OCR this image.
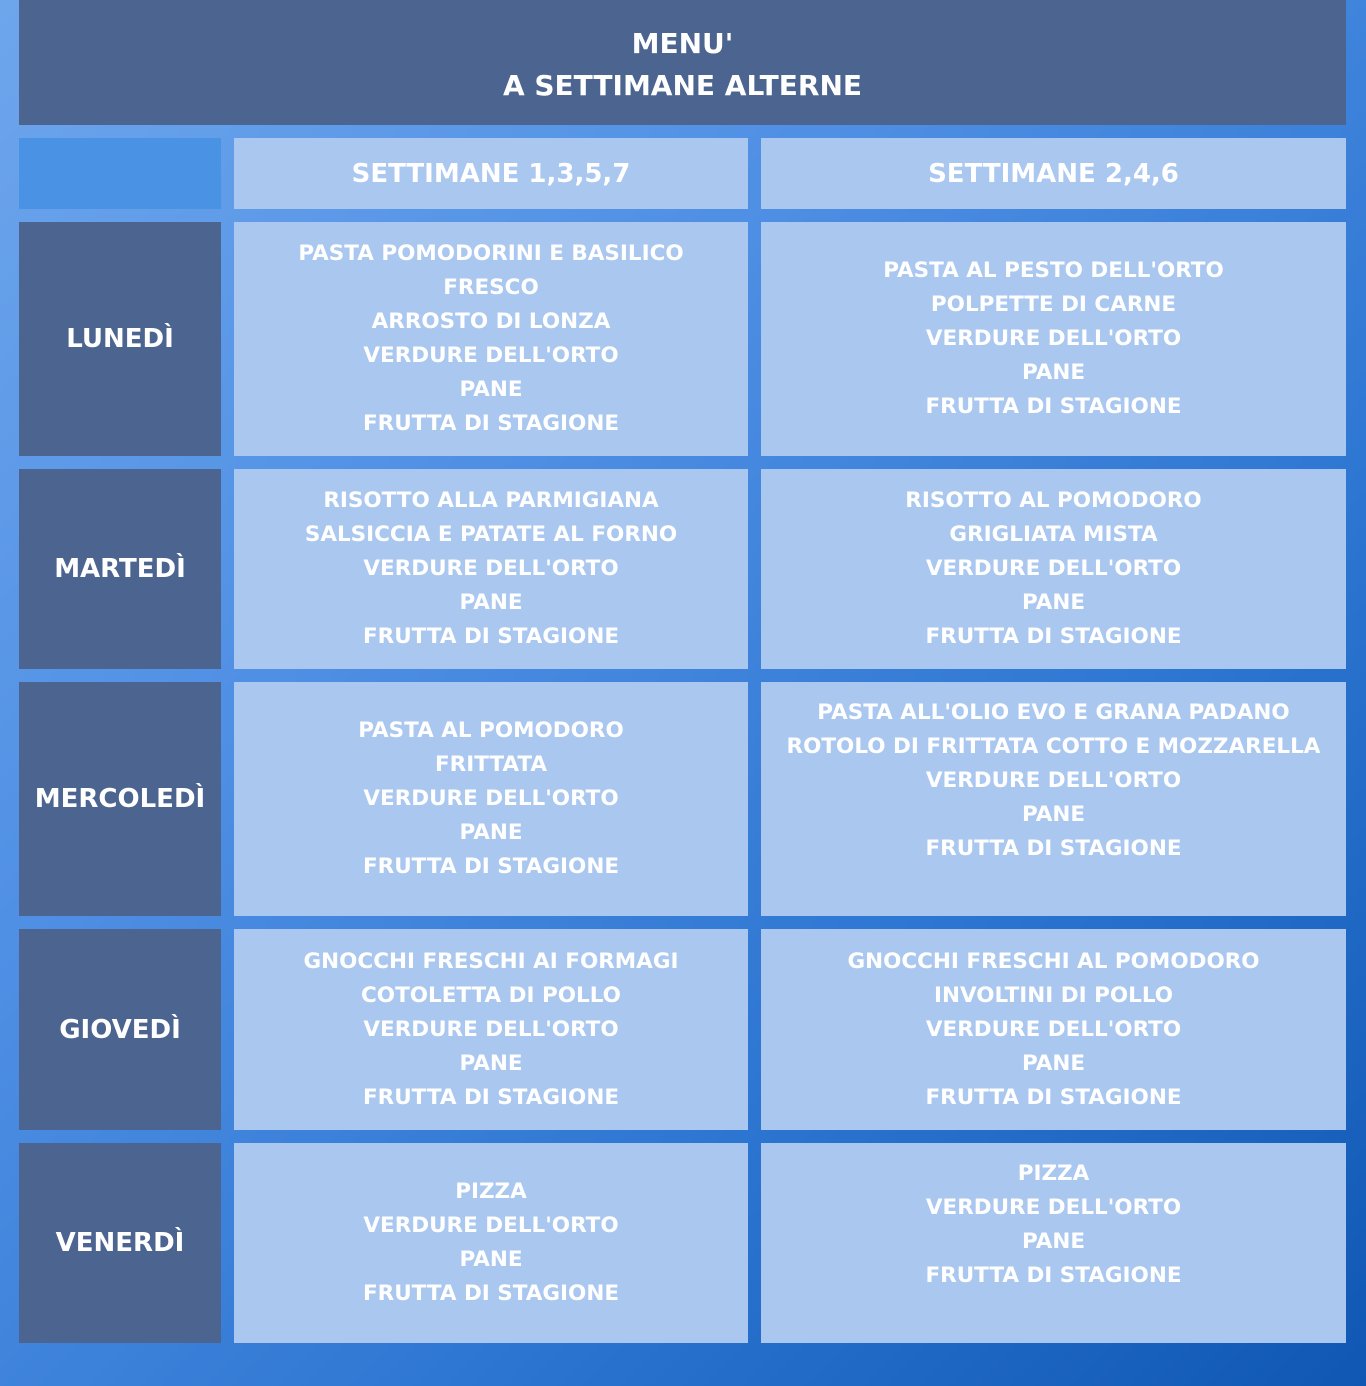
MENU'
A SETTIMANE ALTERNE
SETTIMANE 1,3,5,7	SETTIMANE 2,4,6
LUNEDÌ
PASTA POMODORINI E BASILICO
FRESCO
ARROSTO DI LONZA
VERDURE DELL'ORTO
PANE
FRUTTA DI STAGIONE
PASTA AL PESTO DELL'ORTO
POLPETTE DI CARNE
VERDURE DELL'ORTO
PANE
FRUTTA DI STAGIONE
MARTEDÌ
RISOTTO ALLA PARMIGIANA
SALSICCIA E PATATE AL FORNO
VERDURE DELL'ORTO
PANE
FRUTTA DI STAGIONE
RISOTTO AL POMODORO
GRIGLIATA MISTA
VERDURE DELL'ORTO
PANE
FRUTTA DI STAGIONE
MERCOLEDÌ
PASTA AL POMODORO
FRITTATA
VERDURE DELL'ORTO
PANE
FRUTTA DI STAGIONE
PASTA ALL'OLIO EVO E GRANA PADANO
ROTOLO DI FRITTATA COTTO E MOZZARELLA
VERDURE DELL'ORTO
PANE
FRUTTA DI STAGIONE
GIOVEDÌ
GNOCCHI FRESCHI AI FORMAGI
COTOLETTA DI POLLO
VERDURE DELL'ORTO
PANE
FRUTTA DI STAGIONE
GNOCCHI FRESCHI AL POMODORO
INVOLTINI DI POLLO
VERDURE DELL'ORTO
PANE
FRUTTA DI STAGIONE
VENERDÌ
PIZZA
VERDURE DELL'ORTO
PANE
FRUTTA DI STAGIONE
PIZZA
VERDURE DELL'ORTO
PANE
FRUTTA DI STAGIONE
